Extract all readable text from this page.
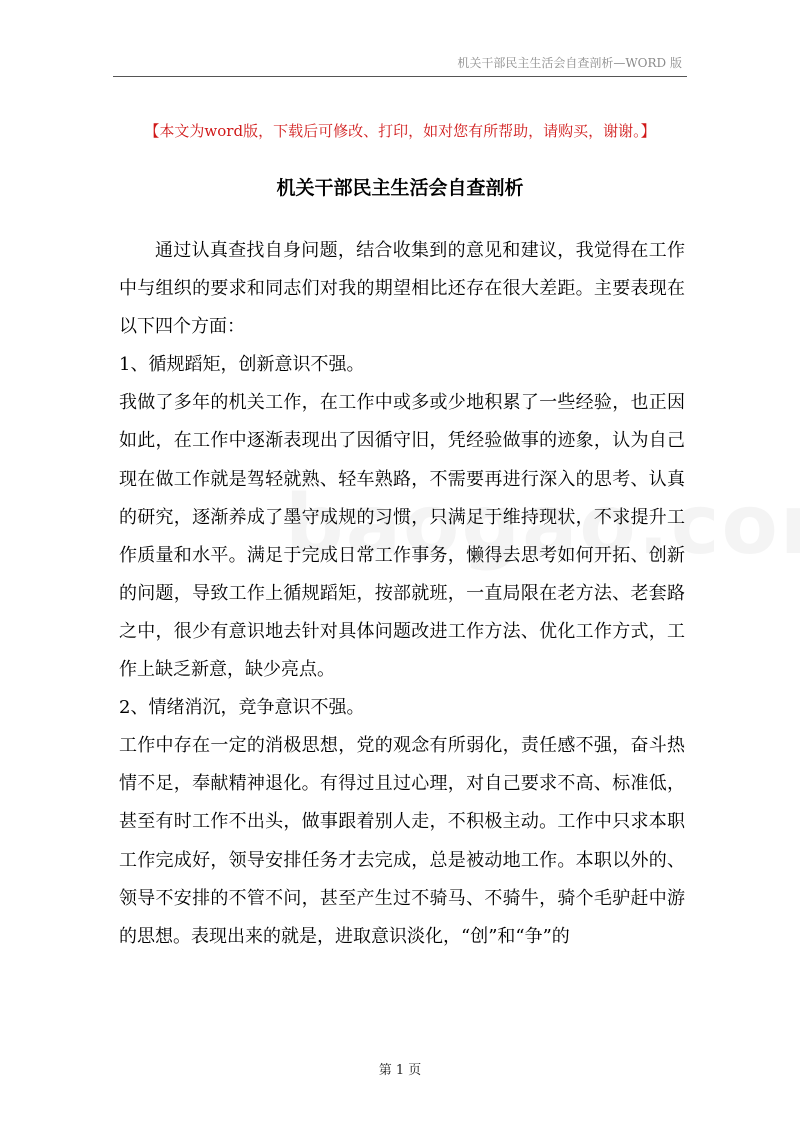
机关干部民主生活会自查剖析—WORD 版
【本文为word版，下载后可修改、打印，如对您有所帮助，请购买，谢谢。】
机关干部民主生活会自查剖析

通过认真查找自身问题，结合收集到的意见和建议，我觉得在工作中与组织的要求和同志们对我的期望相比还存在很大差距。主要表现在以下四个方面：

1、循规蹈矩，创新意识不强。

我做了多年的机关工作，在工作中或多或少地积累了一些经验，也正因如此，在工作中逐渐表现出了因循守旧，凭经验做事的迹象，认为自己现在做工作就是驾轻就熟、轻车熟路，不需要再进行深入的思考、认真的研究，逐渐养成了墨守成规的习惯，只满足于维持现状，不求提升工作质量和水平。满足于完成日常工作事务，懒得去思考如何开拓、创新的问题，导致工作上循规蹈矩，按部就班，一直局限在老方法、老套路之中，很少有意识地去针对具体问题改进工作方法、优化工作方式，工作上缺乏新意，缺少亮点。

2、情绪消沉，竞争意识不强。

工作中存在一定的消极思想，党的观念有所弱化，责任感不强，奋斗热情不足，奉献精神退化。有得过且过心理，对自己要求不高、标准低，甚至有时工作不出头，做事跟着别人走，不积极主动。工作中只求本职工作完成好，领导安排任务才去完成，总是被动地工作。本职以外的、领导不安排的不管不问，甚至产生过不骑马、不骑牛，骑个毛驴赶中游的思想。表现出来的就是，进取意识淡化，“创”和“争”的

第 1 页
